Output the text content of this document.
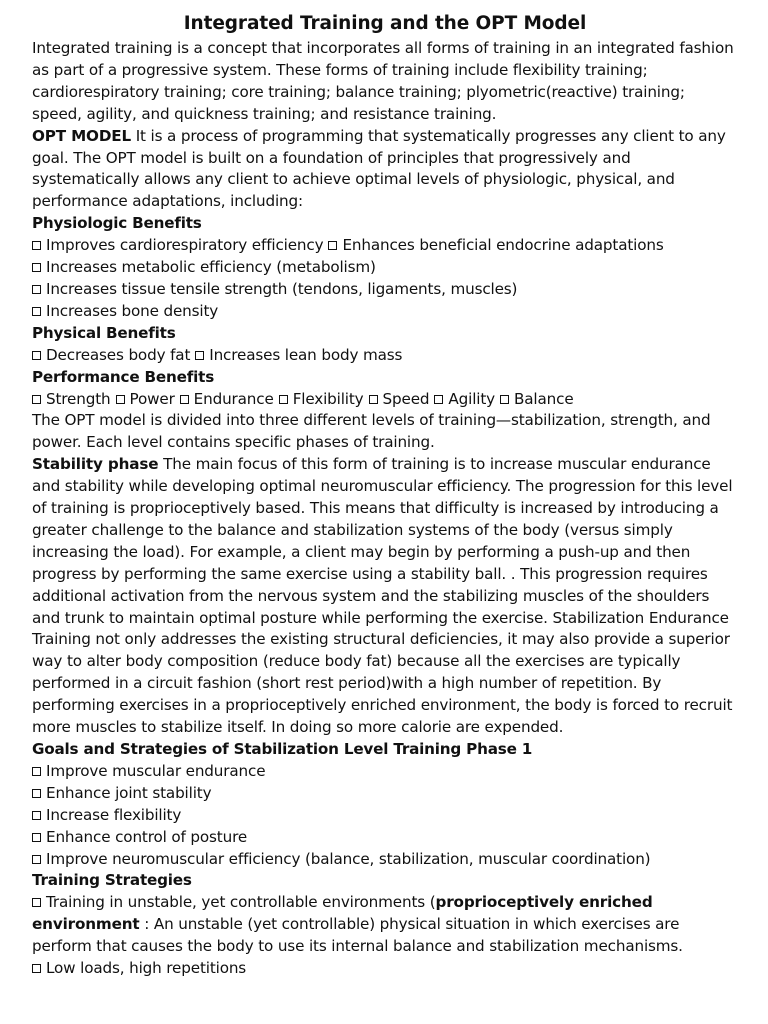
Integrated Training and the OPT Model

Integrated training is a concept that incorporates all forms of training in an integrated fashion as part of a progressive system. These forms of training include flexibility training; cardiorespiratory training; core training; balance training; plyometric(reactive) training; speed, agility, and quickness training; and resistance training.

OPT MODEL It is a process of programming that systematically progresses any client to any goal. The OPT model is built on a foundation of principles that progressively and systematically allows any client to achieve optimal levels of physiologic, physical, and performance adaptations, including:

Physiologic Benefits
Improves cardiorespiratory efficiency Enhances beneficial endocrine adaptations
Increases metabolic efficiency (metabolism)
Increases tissue tensile strength (tendons, ligaments, muscles)
Increases bone density
Physical Benefits
Decreases body fat Increases lean body mass
Performance Benefits
Strength Power Endurance Flexibility Speed Agility Balance

The OPT model is divided into three different levels of training—stabilization, strength, and power. Each level contains specific phases of training.

Stability phase The main focus of this form of training is to increase muscular endurance and stability while developing optimal neuromuscular efficiency. The progression for this level of training is proprioceptively based. This means that difficulty is increased by introducing a greater challenge to the balance and stabilization systems of the body (versus simply increasing the load). For example, a client may begin by performing a push-up and then progress by performing the same exercise using a stability ball. . This progression requires additional activation from the nervous system and the stabilizing muscles of the shoulders and trunk to maintain optimal posture while performing the exercise. Stabilization Endurance Training not only addresses the existing structural deficiencies, it may also provide a superior way to alter body composition (reduce body fat) because all the exercises are typically performed in a circuit fashion (short rest period)with a high number of repetition. By performing exercises in a proprioceptively enriched environment, the body is forced to recruit more muscles to stabilize itself. In doing so more calorie are expended.

Goals and Strategies of Stabilization Level Training Phase 1
Improve muscular endurance
Enhance joint stability
Increase flexibility
Enhance control of posture
Improve neuromuscular efficiency (balance, stabilization, muscular coordination)
Training Strategies
Training in unstable, yet controllable environments (proprioceptively enriched environment : An unstable (yet controllable) physical situation in which exercises are perform that causes the body to use its internal balance and stabilization mechanisms.
Low loads, high repetitions
